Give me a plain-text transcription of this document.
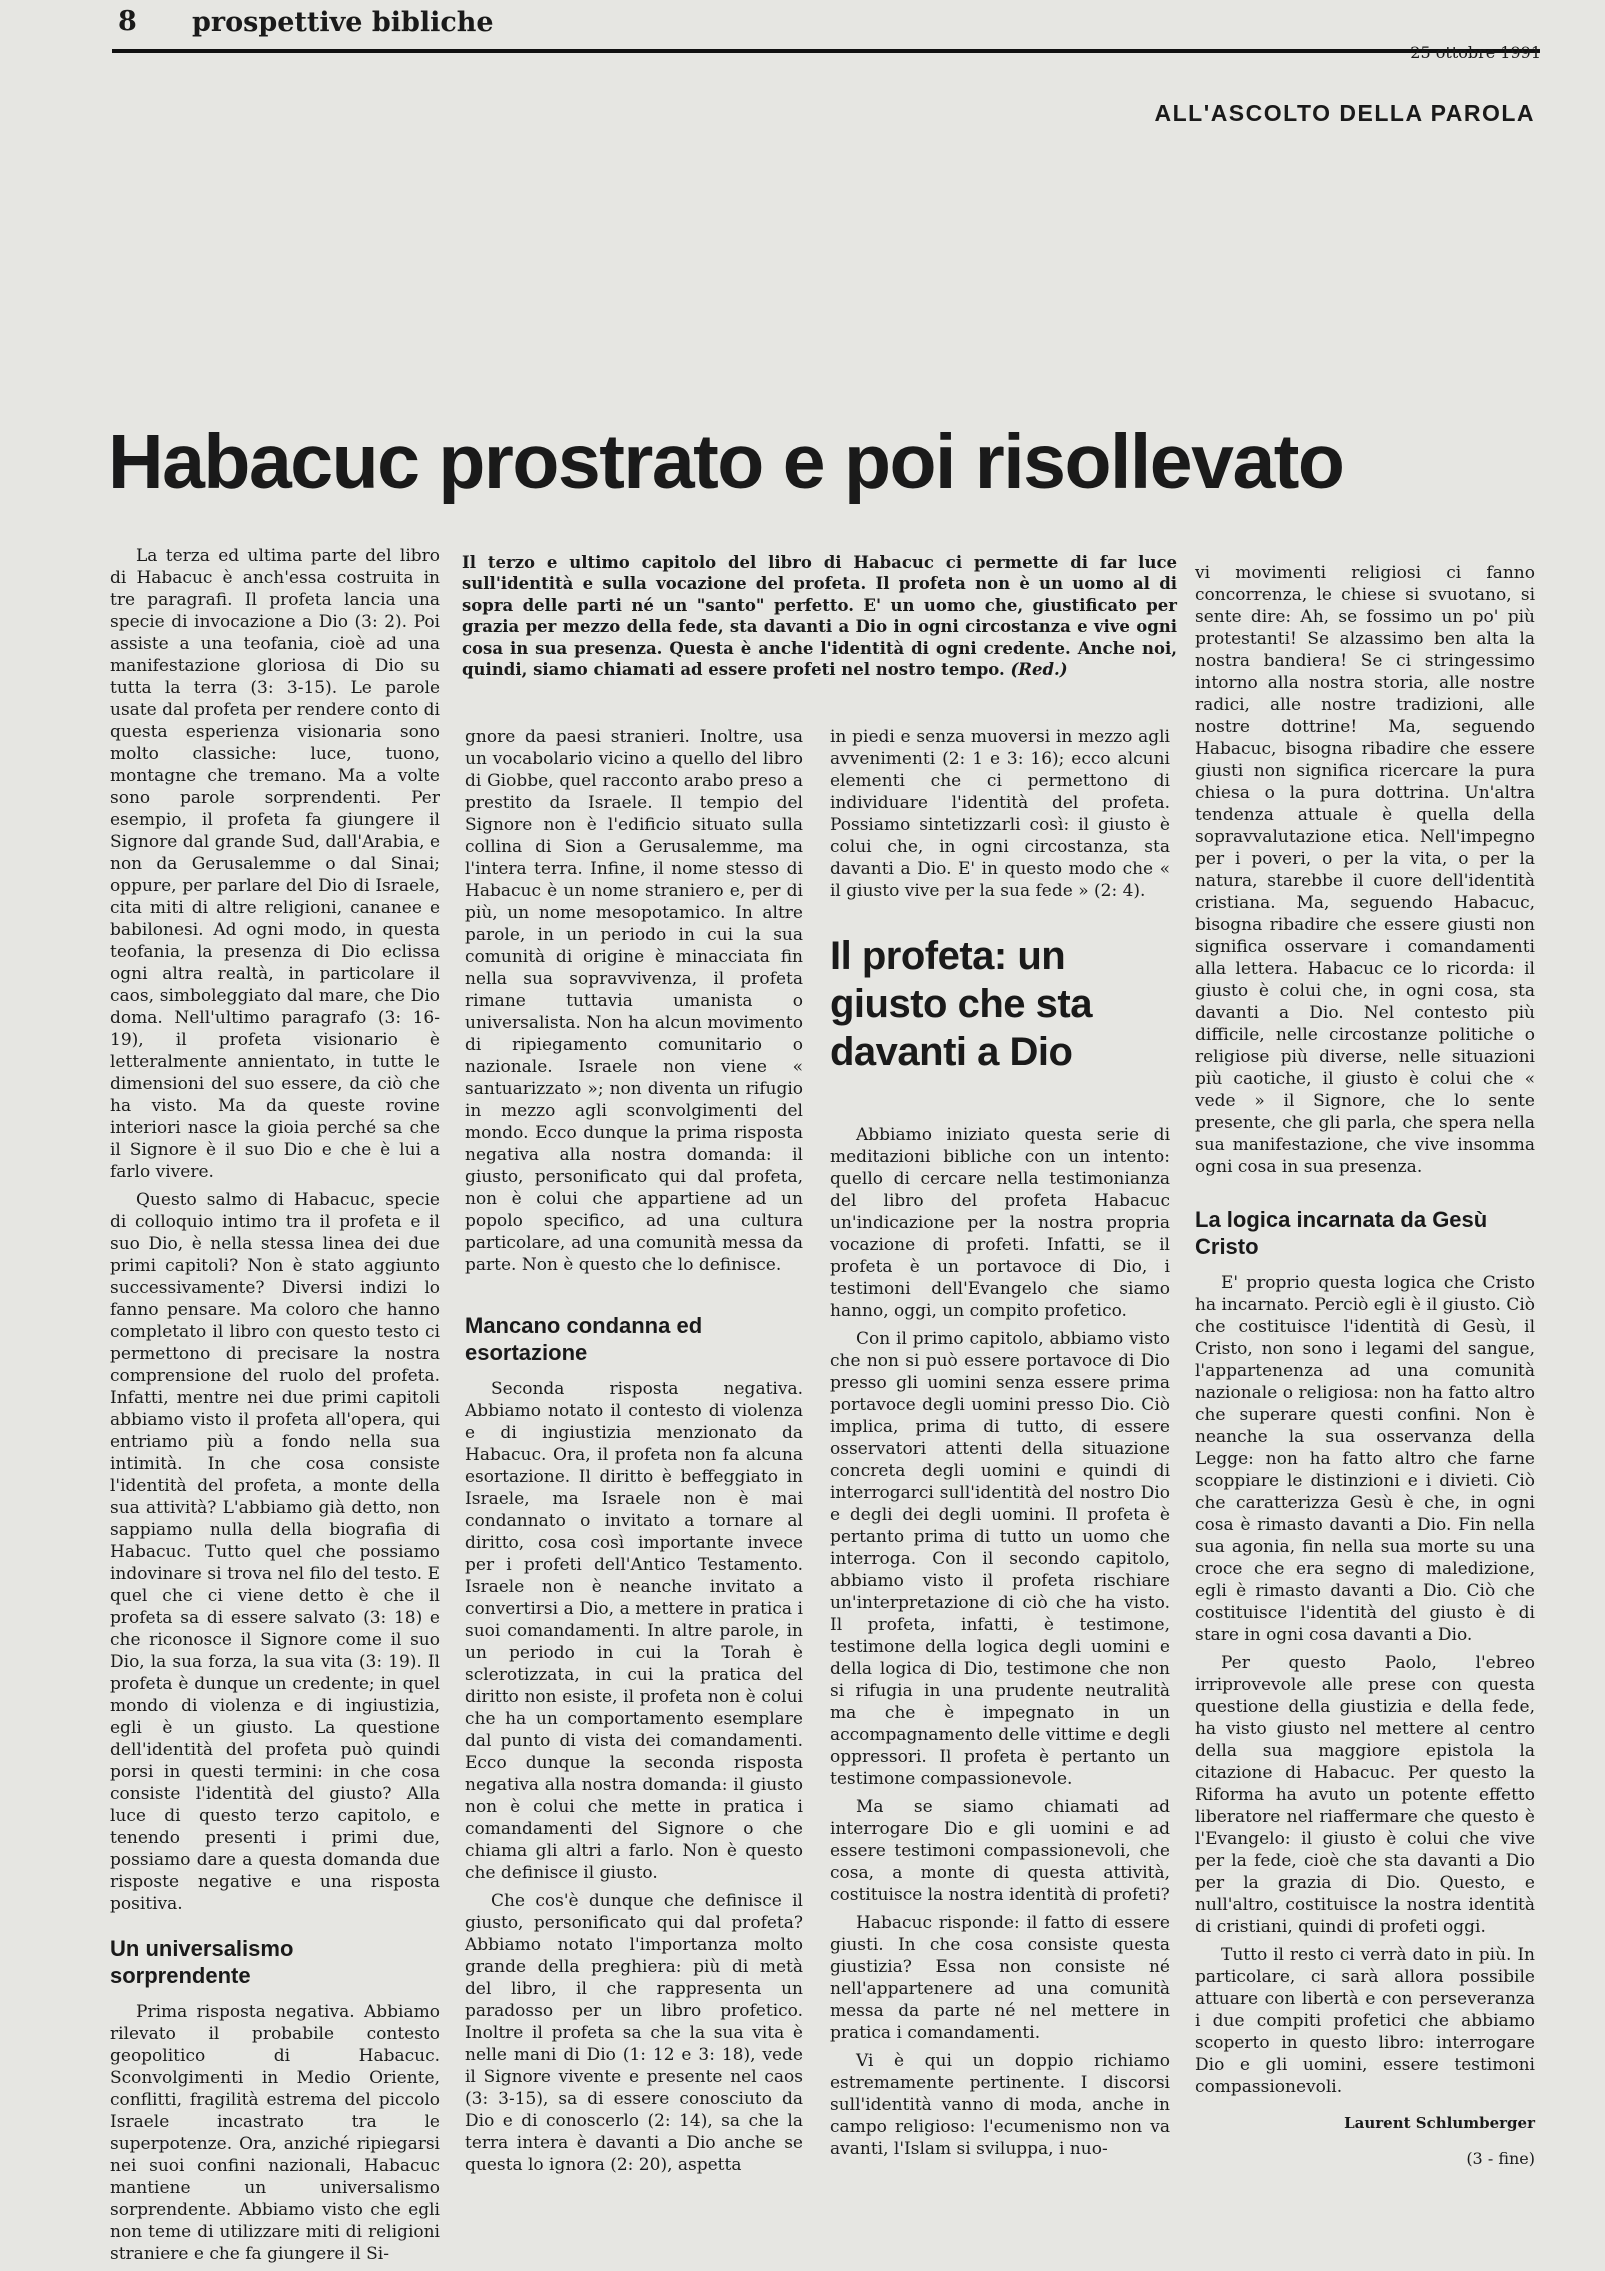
8 prospettive bibliche
25 ottobre 1991
ALL'ASCOLTO DELLA PAROLA
Habacuc prostrato e poi risollevato

La terza ed ultima parte del libro di Habacuc è anch'essa costruita in tre paragrafi. Il profeta lancia una specie di invocazione a Dio (3: 2). Poi assiste a una teofania, cioè ad una manifestazione gloriosa di Dio su tutta la terra (3: 3-15). Le parole usate dal profeta per rendere conto di questa esperienza visionaria sono molto classiche: luce, tuono, montagne che tremano. Ma a volte sono parole sorprendenti. Per esempio, il profeta fa giungere il Signore dal grande Sud, dall'Arabia, e non da Gerusalemme o dal Sinai; oppure, per parlare del Dio di Israele, cita miti di altre religioni, cananee e babilonesi. Ad ogni modo, in questa teofania, la presenza di Dio eclissa ogni altra realtà, in particolare il caos, simboleggiato dal mare, che Dio doma. Nell'ultimo paragrafo (3: 16-19), il profeta visionario è letteralmente annientato, in tutte le dimensioni del suo essere, da ciò che ha visto. Ma da queste rovine interiori nasce la gioia perché sa che il Signore è il suo Dio e che è lui a farlo vivere.

Questo salmo di Habacuc, specie di colloquio intimo tra il profeta e il suo Dio, è nella stessa linea dei due primi capitoli? Non è stato aggiunto successivamente? Diversi indizi lo fanno pensare. Ma coloro che hanno completato il libro con questo testo ci permettono di precisare la nostra comprensione del ruolo del profeta. Infatti, mentre nei due primi capitoli abbiamo visto il profeta all'opera, qui entriamo più a fondo nella sua intimità. In che cosa consiste l'identità del profeta, a monte della sua attività? L'abbiamo già detto, non sappiamo nulla della biografia di Habacuc. Tutto quel che possiamo indovinare si trova nel filo del testo. E quel che ci viene detto è che il profeta sa di essere salvato (3: 18) e che riconosce il Signore come il suo Dio, la sua forza, la sua vita (3: 19). Il profeta è dunque un credente; in quel mondo di violenza e di ingiustizia, egli è un giusto. La questione dell'identità del profeta può quindi porsi in questi termini: in che cosa consiste l'identità del giusto? Alla luce di questo terzo capitolo, e tenendo presenti i primi due, possiamo dare a questa domanda due risposte negative e una risposta positiva.

Un universalismo sorprendente

Prima risposta negativa. Abbiamo rilevato il probabile contesto geopolitico di Habacuc. Sconvolgimenti in Medio Oriente, conflitti, fragilità estrema del piccolo Israele incastrato tra le superpotenze. Ora, anziché ripiegarsi nei suoi confini nazionali, Habacuc mantiene un universalismo sorprendente. Abbiamo visto che egli non teme di utilizzare miti di religioni straniere e che fa giungere il Si-

Il terzo e ultimo capitolo del libro di Habacuc ci permette di far luce sull'identità e sulla vocazione del profeta. Il profeta non è un uomo al di sopra delle parti né un "santo" perfetto. E' un uomo che, giustificato per grazia per mezzo della fede, sta davanti a Dio in ogni circostanza e vive ogni cosa in sua presenza. Questa è anche l'identità di ogni credente. Anche noi, quindi, siamo chiamati ad essere profeti nel nostro tempo. (Red.)

gnore da paesi stranieri. Inoltre, usa un vocabolario vicino a quello del libro di Giobbe, quel racconto arabo preso a prestito da Israele. Il tempio del Signore non è l'edificio situato sulla collina di Sion a Gerusalemme, ma l'intera terra. Infine, il nome stesso di Habacuc è un nome straniero e, per di più, un nome mesopotamico. In altre parole, in un periodo in cui la sua comunità di origine è minacciata fin nella sua sopravvivenza, il profeta rimane tuttavia umanista o universalista. Non ha alcun movimento di ripiegamento comunitario o nazionale. Israele non viene « santuarizzato »; non diventa un rifugio in mezzo agli sconvolgimenti del mondo. Ecco dunque la prima risposta negativa alla nostra domanda: il giusto, personificato qui dal profeta, non è colui che appartiene ad un popolo specifico, ad una cultura particolare, ad una comunità messa da parte. Non è questo che lo definisce.

Mancano condanna ed esortazione

Seconda risposta negativa. Abbiamo notato il contesto di violenza e di ingiustizia menzionato da Habacuc. Ora, il profeta non fa alcuna esortazione. Il diritto è beffeggiato in Israele, ma Israele non è mai condannato o invitato a tornare al diritto, cosa così importante invece per i profeti dell'Antico Testamento. Israele non è neanche invitato a convertirsi a Dio, a mettere in pratica i suoi comandamenti. In altre parole, in un periodo in cui la Torah è sclerotizzata, in cui la pratica del diritto non esiste, il profeta non è colui che ha un comportamento esemplare dal punto di vista dei comandamenti. Ecco dunque la seconda risposta negativa alla nostra domanda: il giusto non è colui che mette in pratica i comandamenti del Signore o che chiama gli altri a farlo. Non è questo che definisce il giusto.

Che cos'è dunque che definisce il giusto, personificato qui dal profeta? Abbiamo notato l'importanza molto grande della preghiera: più di metà del libro, il che rappresenta un paradosso per un libro profetico. Inoltre il profeta sa che la sua vita è nelle mani di Dio (1: 12 e 3: 18), vede il Signore vivente e presente nel caos (3: 3-15), sa di essere conosciuto da Dio e di conoscerlo (2: 14), sa che la terra intera è davanti a Dio anche se questa lo ignora (2: 20), aspetta

in piedi e senza muoversi in mezzo agli avvenimenti (2: 1 e 3: 16); ecco alcuni elementi che ci permettono di individuare l'identità del profeta. Possiamo sintetizzarli così: il giusto è colui che, in ogni circostanza, sta davanti a Dio. E' in questo modo che « il giusto vive per la sua fede » (2: 4).

Il profeta: un giusto che sta davanti a Dio

Abbiamo iniziato questa serie di meditazioni bibliche con un intento: quello di cercare nella testimonianza del libro del profeta Habacuc un'indicazione per la nostra propria vocazione di profeti. Infatti, se il profeta è un portavoce di Dio, i testimoni dell'Evangelo che siamo hanno, oggi, un compito profetico.

Con il primo capitolo, abbiamo visto che non si può essere portavoce di Dio presso gli uomini senza essere prima portavoce degli uomini presso Dio. Ciò implica, prima di tutto, di essere osservatori attenti della situazione concreta degli uomini e quindi di interrogarci sull'identità del nostro Dio e degli dei degli uomini. Il profeta è pertanto prima di tutto un uomo che interroga. Con il secondo capitolo, abbiamo visto il profeta rischiare un'interpretazione di ciò che ha visto. Il profeta, infatti, è testimone, testimone della logica degli uomini e della logica di Dio, testimone che non si rifugia in una prudente neutralità ma che è impegnato in un accompagnamento delle vittime e degli oppressori. Il profeta è pertanto un testimone compassionevole.

Ma se siamo chiamati ad interrogare Dio e gli uomini e ad essere testimoni compassionevoli, che cosa, a monte di questa attività, costituisce la nostra identità di profeti?

Habacuc risponde: il fatto di essere giusti. In che cosa consiste questa giustizia? Essa non consiste né nell'appartenere ad una comunità messa da parte né nel mettere in pratica i comandamenti.

Vi è qui un doppio richiamo estremamente pertinente. I discorsi sull'identità vanno di moda, anche in campo religioso: l'ecumenismo non va avanti, l'Islam si sviluppa, i nuo-

vi movimenti religiosi ci fanno concorrenza, le chiese si svuotano, si sente dire: Ah, se fossimo un po' più protestanti! Se alzassimo ben alta la nostra bandiera! Se ci stringessimo intorno alla nostra storia, alle nostre radici, alle nostre tradizioni, alle nostre dottrine! Ma, seguendo Habacuc, bisogna ribadire che essere giusti non significa ricercare la pura chiesa o la pura dottrina. Un'altra tendenza attuale è quella della sopravvalutazione etica. Nell'impegno per i poveri, o per la vita, o per la natura, starebbe il cuore dell'identità cristiana. Ma, seguendo Habacuc, bisogna ribadire che essere giusti non significa osservare i comandamenti alla lettera. Habacuc ce lo ricorda: il giusto è colui che, in ogni cosa, sta davanti a Dio. Nel contesto più difficile, nelle circostanze politiche o religiose più diverse, nelle situazioni più caotiche, il giusto è colui che « vede » il Signore, che lo sente presente, che gli parla, che spera nella sua manifestazione, che vive insomma ogni cosa in sua presenza.

La logica incarnata da Gesù Cristo

E' proprio questa logica che Cristo ha incarnato. Perciò egli è il giusto. Ciò che costituisce l'identità di Gesù, il Cristo, non sono i legami del sangue, l'appartenenza ad una comunità nazionale o religiosa: non ha fatto altro che superare questi confini. Non è neanche la sua osservanza della Legge: non ha fatto altro che farne scoppiare le distinzioni e i divieti. Ciò che caratterizza Gesù è che, in ogni cosa è rimasto davanti a Dio. Fin nella sua agonia, fin nella sua morte su una croce che era segno di maledizione, egli è rimasto davanti a Dio. Ciò che costituisce l'identità del giusto è di stare in ogni cosa davanti a Dio.

Per questo Paolo, l'ebreo irriprovevole alle prese con questa questione della giustizia e della fede, ha visto giusto nel mettere al centro della sua maggiore epistola la citazione di Habacuc. Per questo la Riforma ha avuto un potente effetto liberatore nel riaffermare che questo è l'Evangelo: il giusto è colui che vive per la fede, cioè che sta davanti a Dio per la grazia di Dio. Questo, e null'altro, costituisce la nostra identità di cristiani, quindi di profeti oggi.

Tutto il resto ci verrà dato in più. In particolare, ci sarà allora possibile attuare con libertà e con perseveranza i due compiti profetici che abbiamo scoperto in questo libro: interrogare Dio e gli uomini, essere testimoni compassionevoli.

Laurent Schlumberger
(3 - fine)
